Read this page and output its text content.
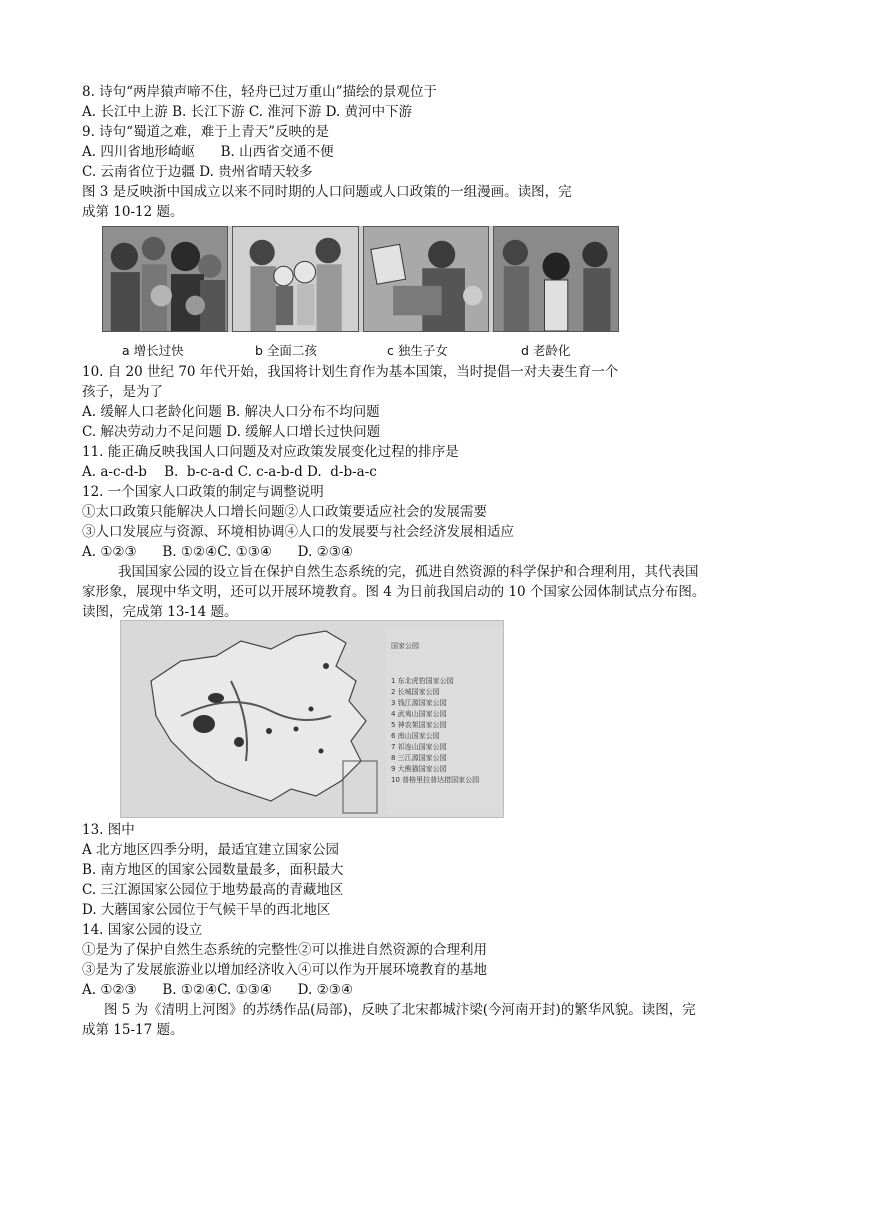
8. 诗句“两岸猿声啼不住，轻舟已过万重山”描绘的景观位于
A. 长江中上游 B. 长江下游 C. 淮河下游 D. 黄河中下游
9. 诗句“蜀道之难，难于上青天”反映的是
A. 四川省地形崎岖      B. 山西省交通不便
C. 云南省位于边疆 D. 贵州省晴天较多
图 3 是反映浙中国成立以来不同时期的人口问题或人口政策的一组漫画。读图，完
成第 10-12 题。
a 增长过快	b 全面二孩	c 独生子女	d 老龄化
10. 自 20 世纪 70 年代开始，我国将计划生育作为基本国策，当时提倡一对夫妻生育一个
孩子，是为了
A. 缓解人口老龄化问题 B. 解决人口分布不均问题
C. 解决劳动力不足问题 D. 缓解人口增长过快问题
11. 能正确反映我国人口问题及对应政策发展变化过程的排序是
A. a-c-d-b    B.  b-c-a-d C. c-a-b-d D.  d-b-a-c
12. 一个国家人口政策的制定与调整说明
①太口政策只能解决人口增长问题②人口政策要适应社会的发展需要
③人口发展应与资源、环境相协调④人口的发展要与社会经济发展相适应
A. ①②③      B. ①②④C. ①③④      D. ②③④
我国国家公园的设立旨在保护自然生态系统的完，孤进自然资源的科学保护和合理利用，其代表国
家形象，展现中华文明，还可以开展环境教育。图 4 为日前我国启动的 10 个国家公园体制试点分布图。
读图，完成第 13-14 题。
国家公园
1 东北虎豹国家公园
2 长城国家公园
3 钱江源国家公园
4 武夷山国家公园
5 神农架国家公园
6 南山国家公园
7 祁连山国家公园
8 三江源国家公园
9 大熊猫国家公园
10 普格里拉普达措国家公园
13. 图中
A 北方地区四季分明，最适宜建立国家公园
B. 南方地区的国家公园数量最多，面积最大
C. 三江源国家公园位于地势最高的青藏地区
D. 大蘑国家公园位于气候干旱的西北地区
14. 国家公园的设立
①是为了保护自然生态系统的完整性②可以推进自然资源的合理利用
③是为了发展旅游业以增加经济收入④可以作为开展环境教育的基地
A. ①②③      B. ①②④C. ①③④      D. ②③④
图 5 为《清明上河图》的苏绣作品(局部)，反映了北宋都城汴梁(今河南开封)的繁华风貌。读图，完
成第 15-17 题。
